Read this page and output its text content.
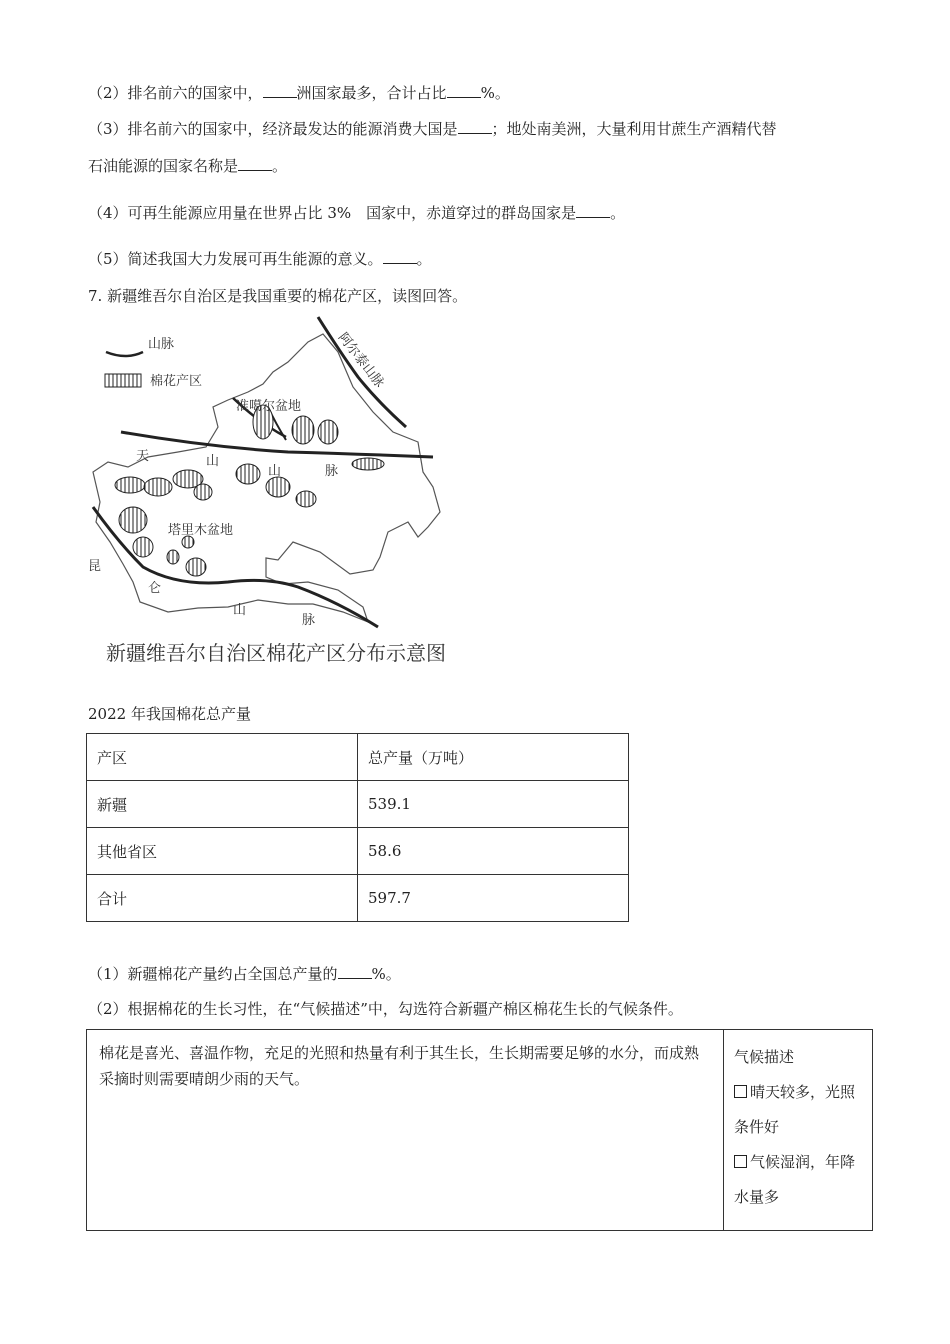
（2）排名前六的国家中， 洲国家最多，合计占比 %。
（3）排名前六的国家中，经济最发达的能源消费大国是 ；地处南美洲，大量利用甘蔗生产酒精代替
石油能源的国家名称是 。
（4）可再生能源应用量在世界占比 3%　国家中，赤道穿过的群岛国家是 。
（5）简述我国大力发展可再生能源的意义。 。
7. 新疆维吾尔自治区是我国重要的棉花产区，读图回答。
山脉
棉花产区	阿尔泰山脉
准噶尔盆地
天	山
山	脉
塔里木盆地
昆
仑
山
脉
新疆维吾尔自治区棉花产区分布示意图
2022 年我国棉花总产量
产区	总产量（万吨）
新疆	539.1
其他省区	58.6
合计	597.7
（1）新疆棉花产量约占全国总产量的 %。
（2）根据棉花的生长习性，在“气候描述”中，勾选符合新疆产棉区棉花生长的气候条件。
棉花是喜光、喜温作物，充足的光照和热量有利于其生长，生长期需要足够的水分，而成熟采摘时则需要晴朗少雨的天气。	
气候描述
晴天较多，光照条件好
气候湿润，年降水量多
